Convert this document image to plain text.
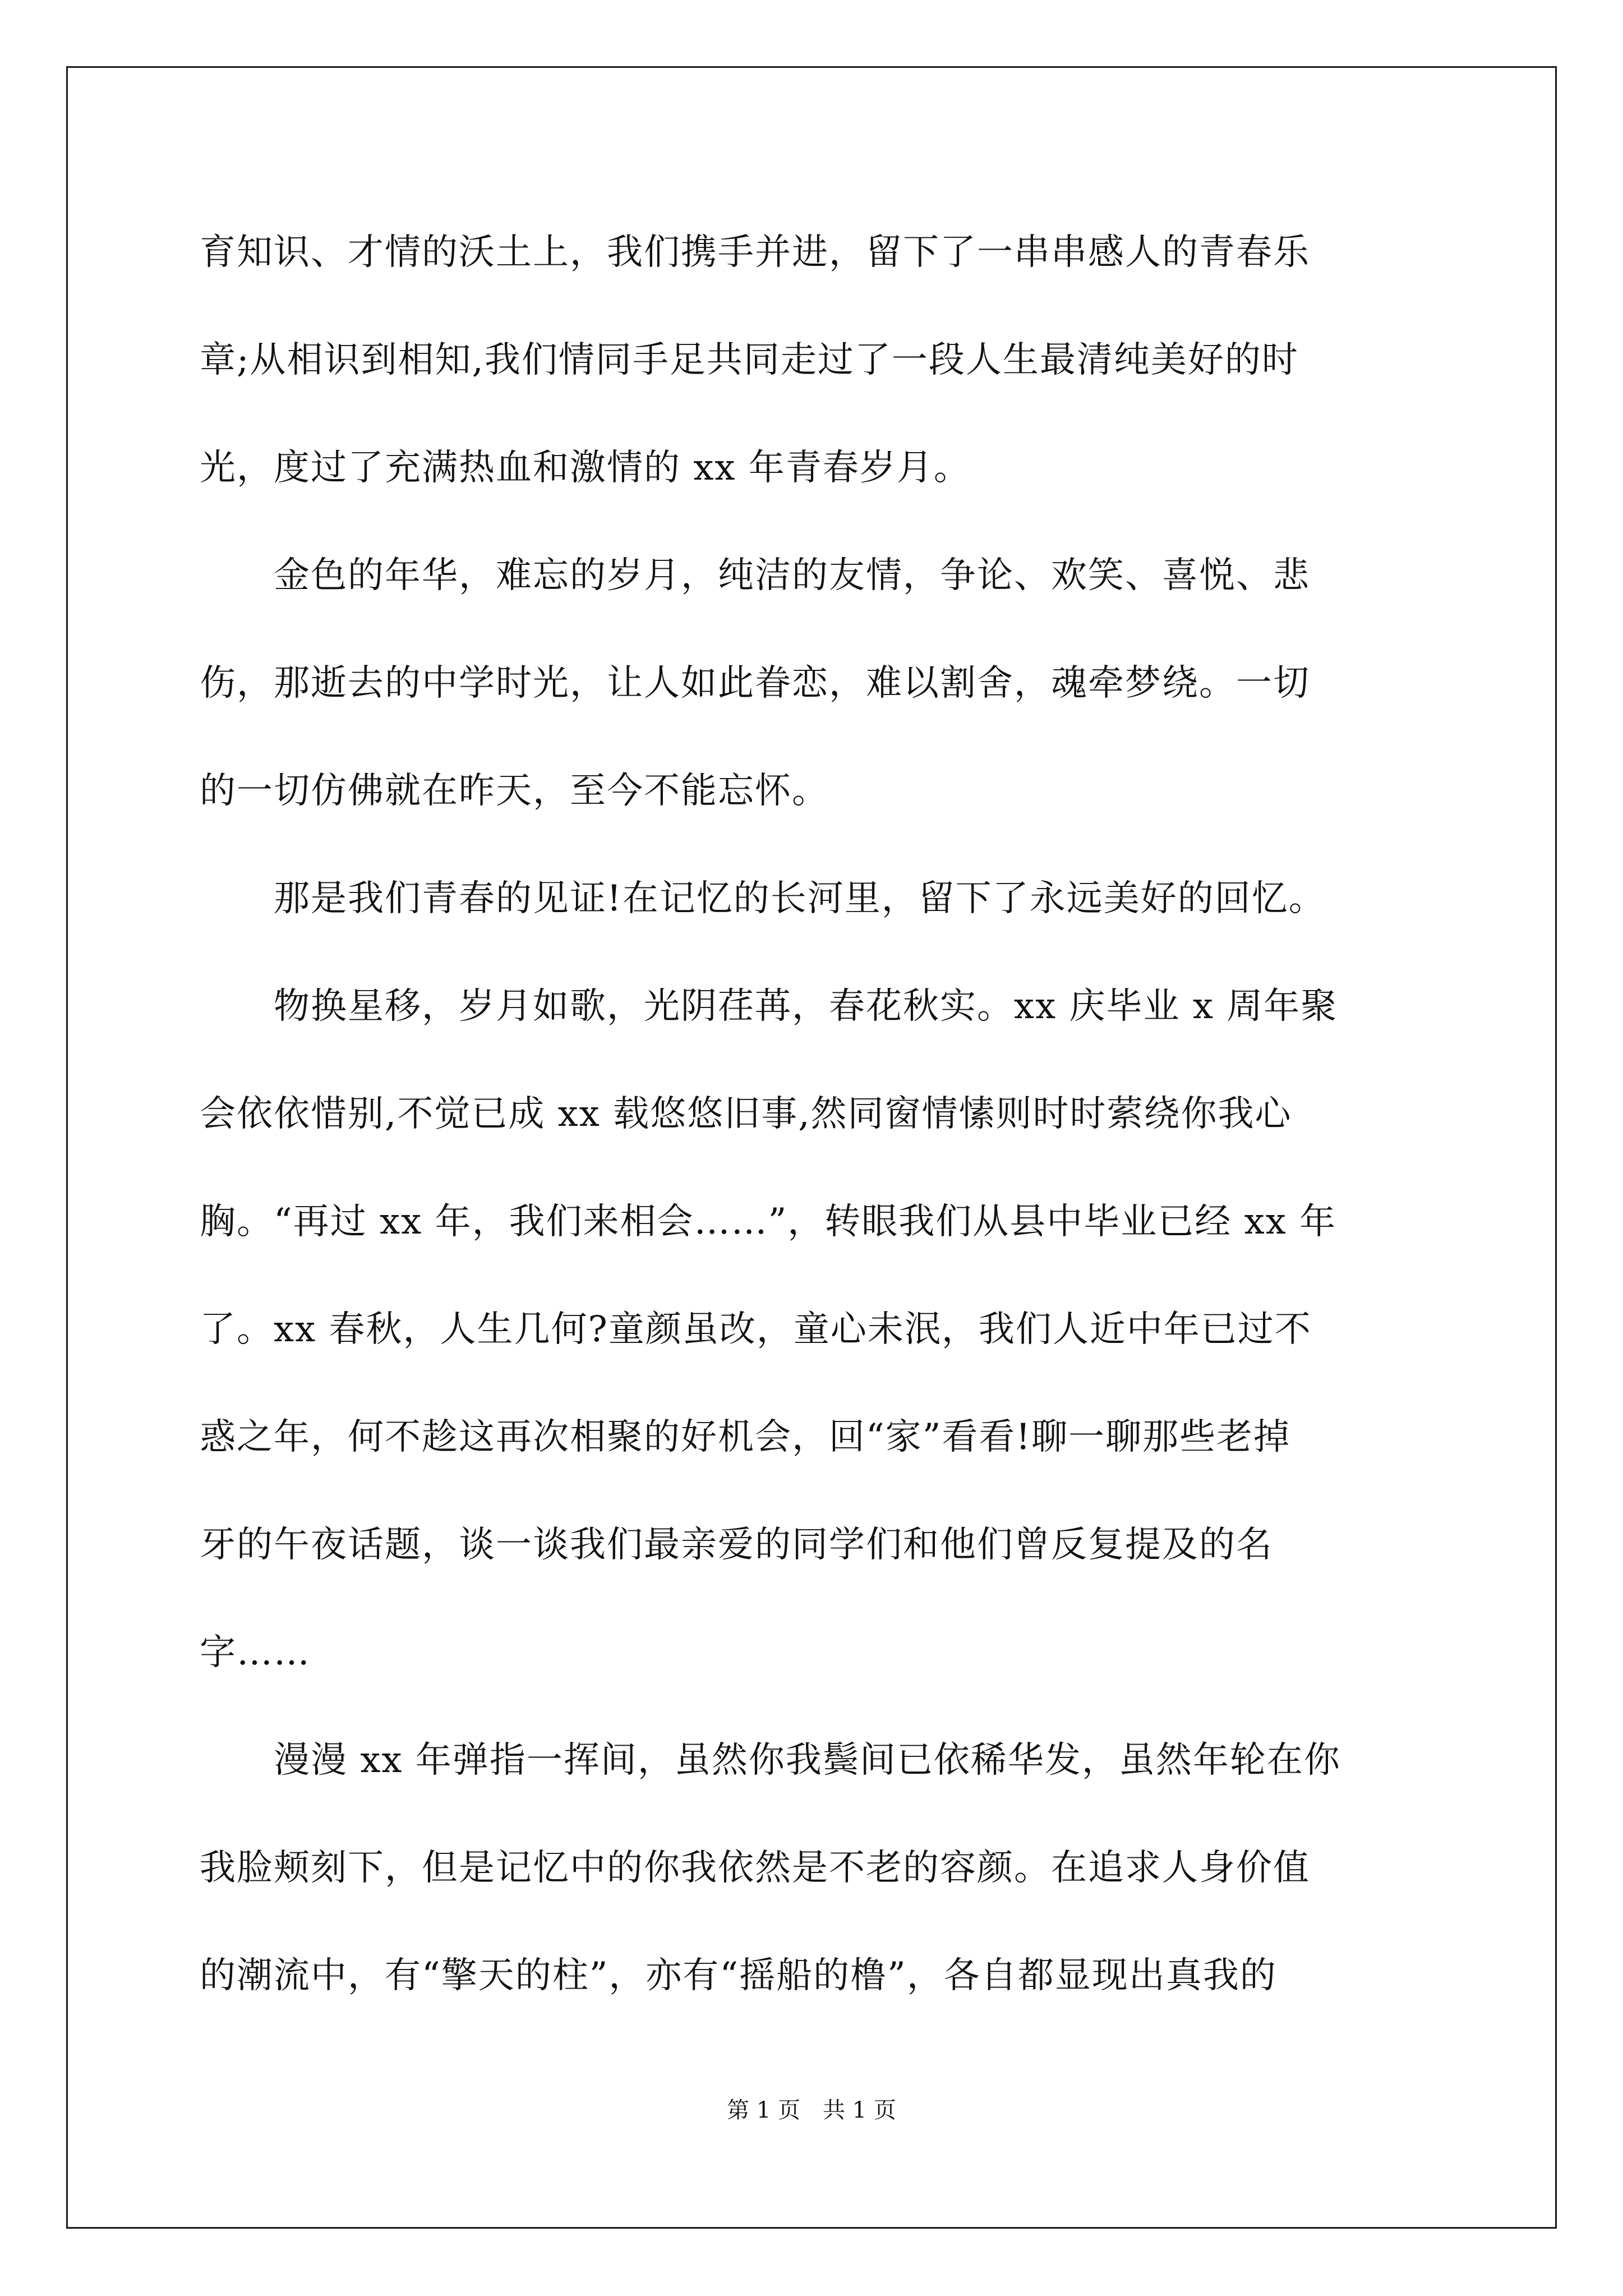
育知识、才情的沃土上，我们携手并进，留下了一串串感人的青春乐

章;从相识到相知,我们情同手足共同走过了一段人生最清纯美好的时

光，度过了充满热血和激情的 xx 年青春岁月。

　　金色的年华，难忘的岁月，纯洁的友情，争论、欢笑、喜悦、悲

伤，那逝去的中学时光，让人如此眷恋，难以割舍，魂牵梦绕。一切

的一切仿佛就在昨天，至今不能忘怀。

　　那是我们青春的见证!在记忆的长河里，留下了永远美好的回忆。

　　物换星移，岁月如歌，光阴荏苒，春花秋实。xx 庆毕业 x 周年聚

会依依惜别,不觉已成 xx 载悠悠旧事,然同窗情愫则时时萦绕你我心

胸。“再过 xx 年，我们来相会……”，转眼我们从县中毕业已经 xx 年

了。xx 春秋，人生几何?童颜虽改，童心未泯，我们人近中年已过不

惑之年，何不趁这再次相聚的好机会，回“家”看看!聊一聊那些老掉

牙的午夜话题，谈一谈我们最亲爱的同学们和他们曾反复提及的名

字……

　　漫漫 xx 年弹指一挥间，虽然你我鬓间已依稀华发，虽然年轮在你

我脸颊刻下，但是记忆中的你我依然是不老的容颜。在追求人身价值

的潮流中，有“擎天的柱”，亦有“摇船的橹”，各自都显现出真我的

第 1 页　共 1 页
